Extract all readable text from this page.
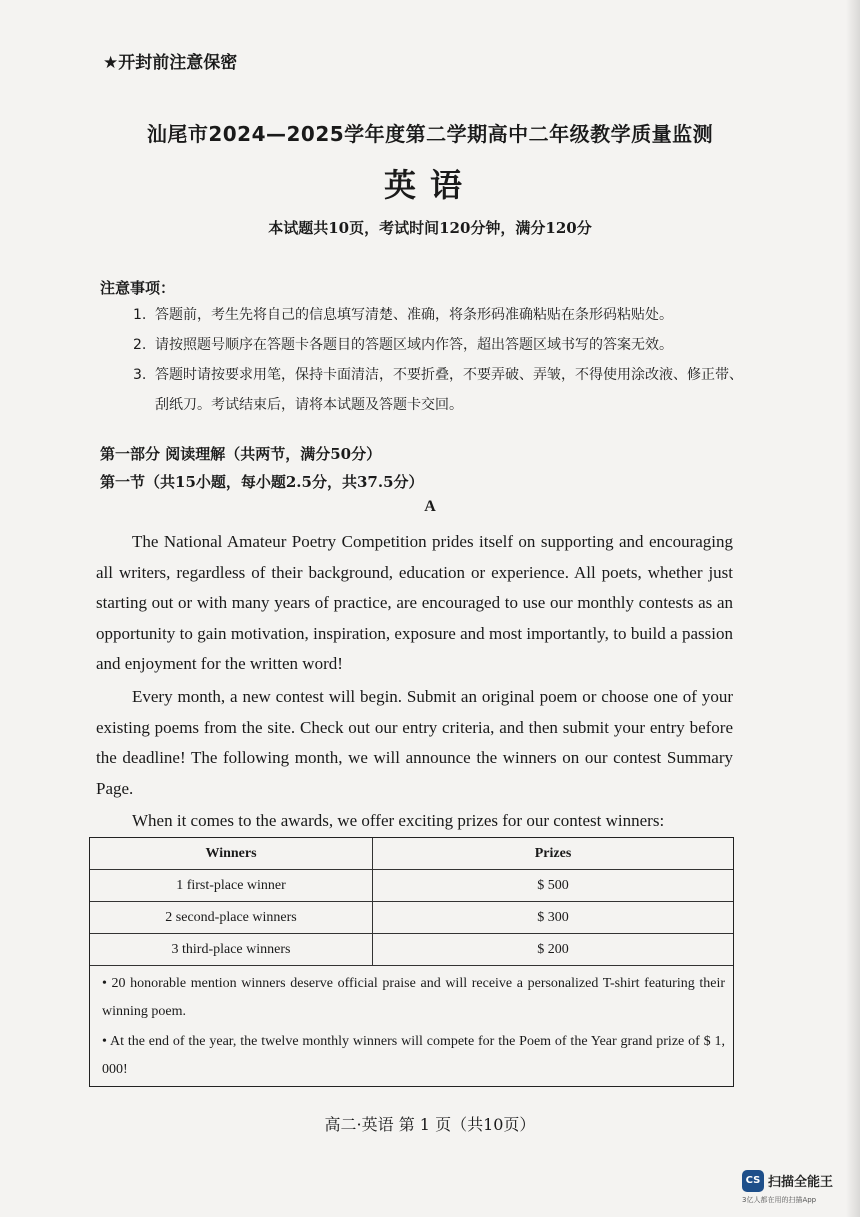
★开封前注意保密
汕尾市2024—2025学年度第二学期高中二年级教学质量监测
英语
本试题共10页，考试时间120分钟，满分120分
注意事项：
1. 答题前，考生先将自己的信息填写清楚、准确，将条形码准确粘贴在条形码粘贴处。
2. 请按照题号顺序在答题卡各题目的答题区域内作答，超出答题区域书写的答案无效。
3. 答题时请按要求用笔，保持卡面清洁，不要折叠，不要弄破、弄皱，不得使用涂改液、修正带、刮纸刀。考试结束后，请将本试题及答题卡交回。
第一部分 阅读理解（共两节，满分50分）
第一节（共15小题，每小题2.5分，共37.5分）
A

The National Amateur Poetry Competition prides itself on supporting and encouraging all writers, regardless of their background, education or experience. All poets, whether just starting out or with many years of practice, are encouraged to use our monthly contests as an opportunity to gain motivation, inspiration, exposure and most importantly, to build a passion and enjoyment for the written word!

Every month, a new contest will begin. Submit an original poem or choose one of your existing poems from the site. Check out our entry criteria, and then submit your entry before the deadline! The following month, we will announce the winners on our contest Summary Page.

When it comes to the awards, we offer exciting prizes for our contest winners:

Winners	Prizes
1 first-place winner	$ 500
2 second-place winners	$ 300
3 third-place winners	$ 200
• 20 honorable mention winners deserve official praise and will receive a personalized T-shirt featuring their winning poem.
• At the end of the year, the twelve monthly winners will compete for the Poem of the Year grand prize of $ 1, 000!
高二·英语 第 1 页（共10页）
CS 扫描全能王
3亿人都在用的扫描App
